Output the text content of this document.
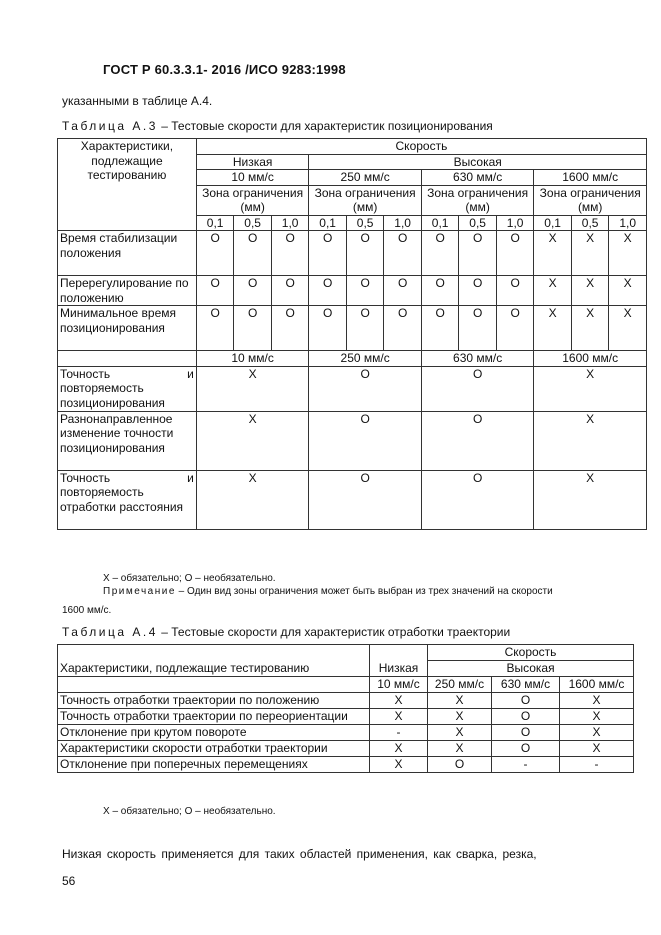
ГОСТ Р 60.3.3.1- 2016 /ИСО 9283:1998
указанными в таблице А.4.
Таблица А.3 – Тестовые скорости для характеристик позиционирования
Характеристики, подлежащие тестированию	Скорость											
	Низкая			Высокая								
	10 мм/с			250 мм/с			630 мм/с			1600 мм/с		
	Зона ограничения (мм)			Зона ограничения (мм)			Зона ограничения (мм)			Зона ограничения (мм)		
	0,1	0,5	1,0	0,1	0,5	1,0	0,1	0,5	1,0	0,1	0,5	1,0
Время стабилизации положения	O	O	O	O	O	O	O	O	O	X	X	X
Перерегулирование по положению	O	O	O	O	O	O	O	O	O	X	X	X
Минимальное время позиционирования	O	O	O	O	O	O	O	O	O	X	X	X
	10 мм/с			250 мм/с			630 мм/с			1600 мм/с		
Точность и повторяемость позиционирования	X			O			O			X		
Разнонаправленное изменение точности позиционирования	X			O			O			X		
Точность и повторяемость отработки расстояния	X			O			O			X		
X – обязательно; O – необязательно.
Примечание – Один вид зоны ограничения может быть выбран из трех значений на скорости
1600 мм/с.
Таблица А.4 – Тестовые скорости для характеристик отработки траектории
Характеристики, подлежащие тестированию		Скорость		
	Низкая	Высокая		
	10 мм/с	250 мм/с	630 мм/с	1600 мм/с
Точность отработки траектории по положению	X	X	O	X
Точность отработки траектории по переориентации	X	X	O	X
Отклонение при крутом повороте	-	X	O	X
Характеристики скорости отработки траектории	X	X	O	X
Отклонение при поперечных перемещениях	X	O	-	-
X – обязательно; O – необязательно.
Низкая скорость применяется для таких областей применения, как сварка, резка,
56
